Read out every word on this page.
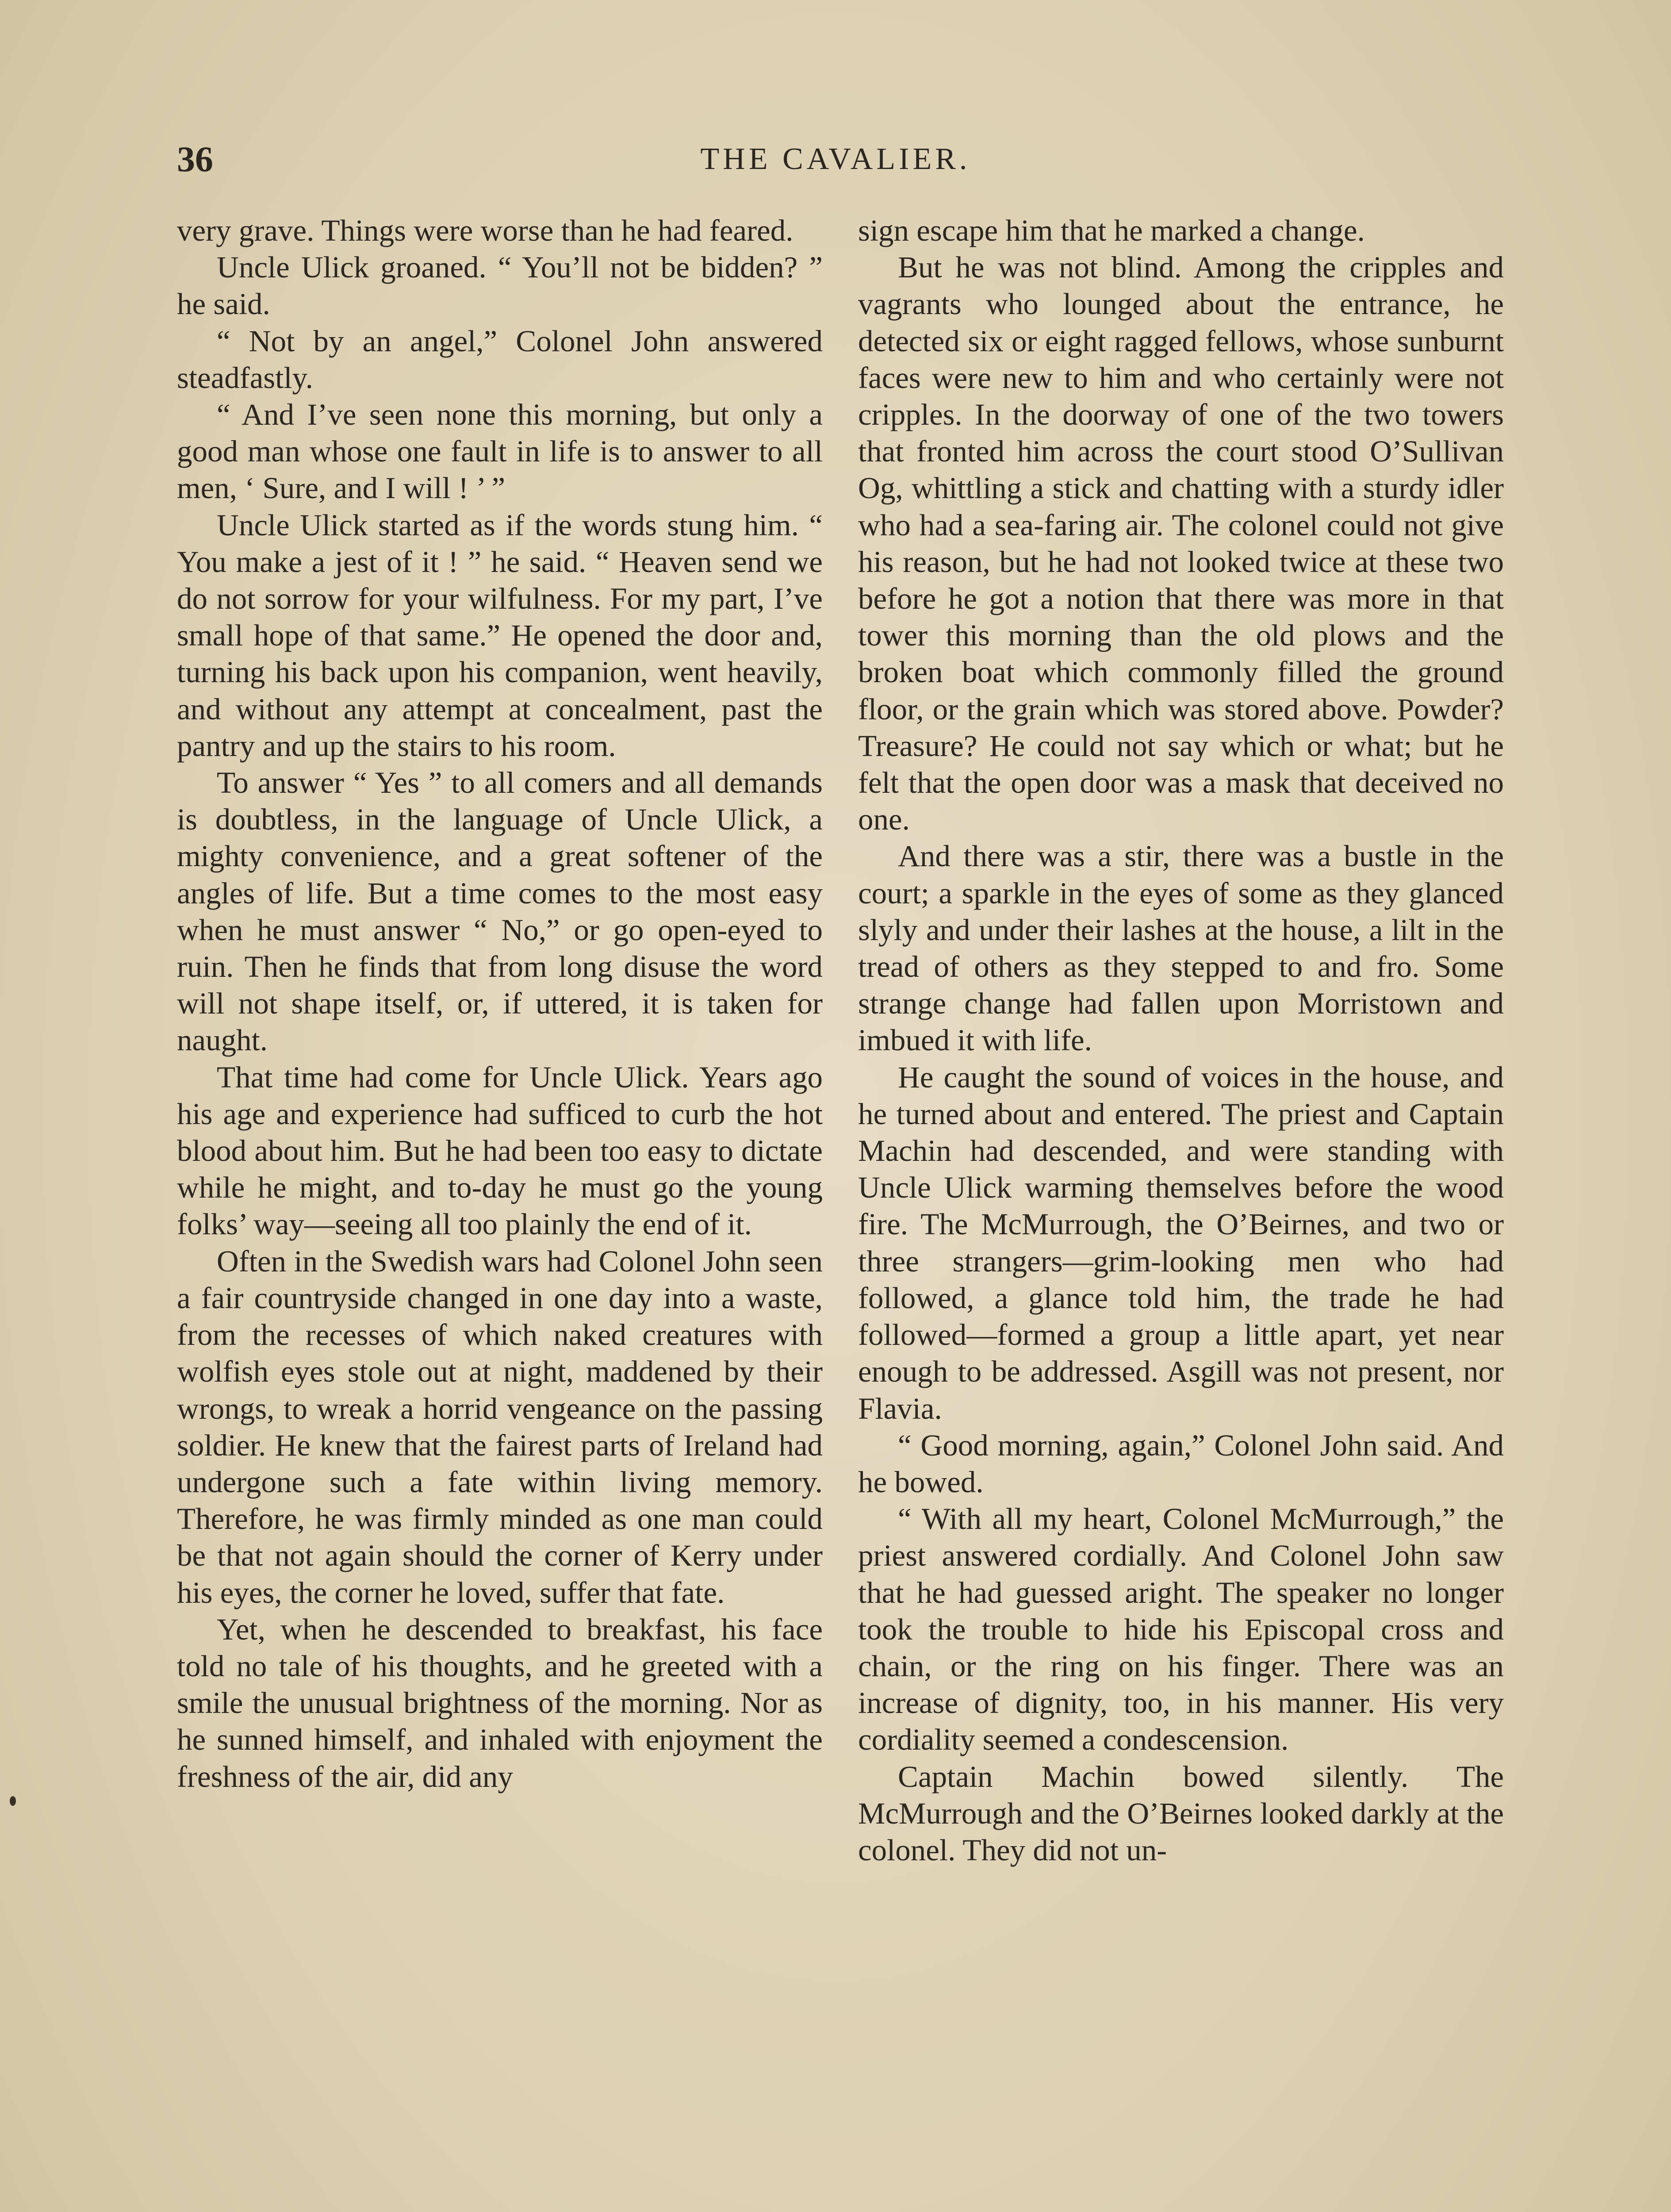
36	THE CAVALIER.

very grave. Things were worse than he had feared.

Uncle Ulick groaned. “ You’ll not be bidden? ” he said.

“ Not by an angel,” Colonel John answered steadfastly.

“ And I’ve seen none this morning, but only a good man whose one fault in life is to answer to all men, ‘ Sure, and I will ! ’ ”

Uncle Ulick started as if the words stung him. “ You make a jest of it ! ” he said. “ Heaven send we do not sorrow for your wilfulness. For my part, I’ve small hope of that same.” He opened the door and, turning his back upon his companion, went heavily, and without any attempt at concealment, past the pantry and up the stairs to his room.

To answer “ Yes ” to all comers and all demands is doubtless, in the language of Uncle Ulick, a mighty convenience, and a great softener of the angles of life. But a time comes to the most easy when he must answer “ No,” or go open-eyed to ruin. Then he finds that from long disuse the word will not shape itself, or, if uttered, it is taken for naught.

That time had come for Uncle Ulick. Years ago his age and experience had sufficed to curb the hot blood about him. But he had been too easy to dictate while he might, and to-day he must go the young folks’ way—seeing all too plainly the end of it.

Often in the Swedish wars had Colonel John seen a fair countryside changed in one day into a waste, from the recesses of which naked creatures with wolfish eyes stole out at night, maddened by their wrongs, to wreak a horrid vengeance on the passing soldier. He knew that the fairest parts of Ireland had undergone such a fate within living memory. Therefore, he was firmly minded as one man could be that not again should the corner of Kerry under his eyes, the corner he loved, suffer that fate.

Yet, when he descended to breakfast, his face told no tale of his thoughts, and he greeted with a smile the unusual brightness of the morning. Nor as he sunned himself, and inhaled with enjoyment the freshness of the air, did any

sign escape him that he marked a change.

But he was not blind. Among the cripples and vagrants who lounged about the entrance, he detected six or eight ragged fellows, whose sunburnt faces were new to him and who certainly were not cripples. In the doorway of one of the two towers that fronted him across the court stood O’Sullivan Og, whittling a stick and chatting with a sturdy idler who had a sea-faring air. The colonel could not give his reason, but he had not looked twice at these two before he got a notion that there was more in that tower this morning than the old plows and the broken boat which commonly filled the ground floor, or the grain which was stored above. Powder? Treasure? He could not say which or what; but he felt that the open door was a mask that deceived no one.

And there was a stir, there was a bustle in the court; a sparkle in the eyes of some as they glanced slyly and under their lashes at the house, a lilt in the tread of others as they stepped to and fro. Some strange change had fallen upon Morristown and imbued it with life.

He caught the sound of voices in the house, and he turned about and entered. The priest and Captain Machin had descended, and were standing with Uncle Ulick warming themselves before the wood fire. The McMurrough, the O’Beirnes, and two or three strangers—grim-looking men who had followed, a glance told him, the trade he had followed—formed a group a little apart, yet near enough to be addressed. Asgill was not present, nor Flavia.

“ Good morning, again,” Colonel John said. And he bowed.

“ With all my heart, Colonel McMurrough,” the priest answered cordially. And Colonel John saw that he had guessed aright. The speaker no longer took the trouble to hide his Episcopal cross and chain, or the ring on his finger. There was an increase of dignity, too, in his manner. His very cordiality seemed a condescension.

Captain Machin bowed silently. The McMurrough and the O’Beirnes looked darkly at the colonel. They did not un-
